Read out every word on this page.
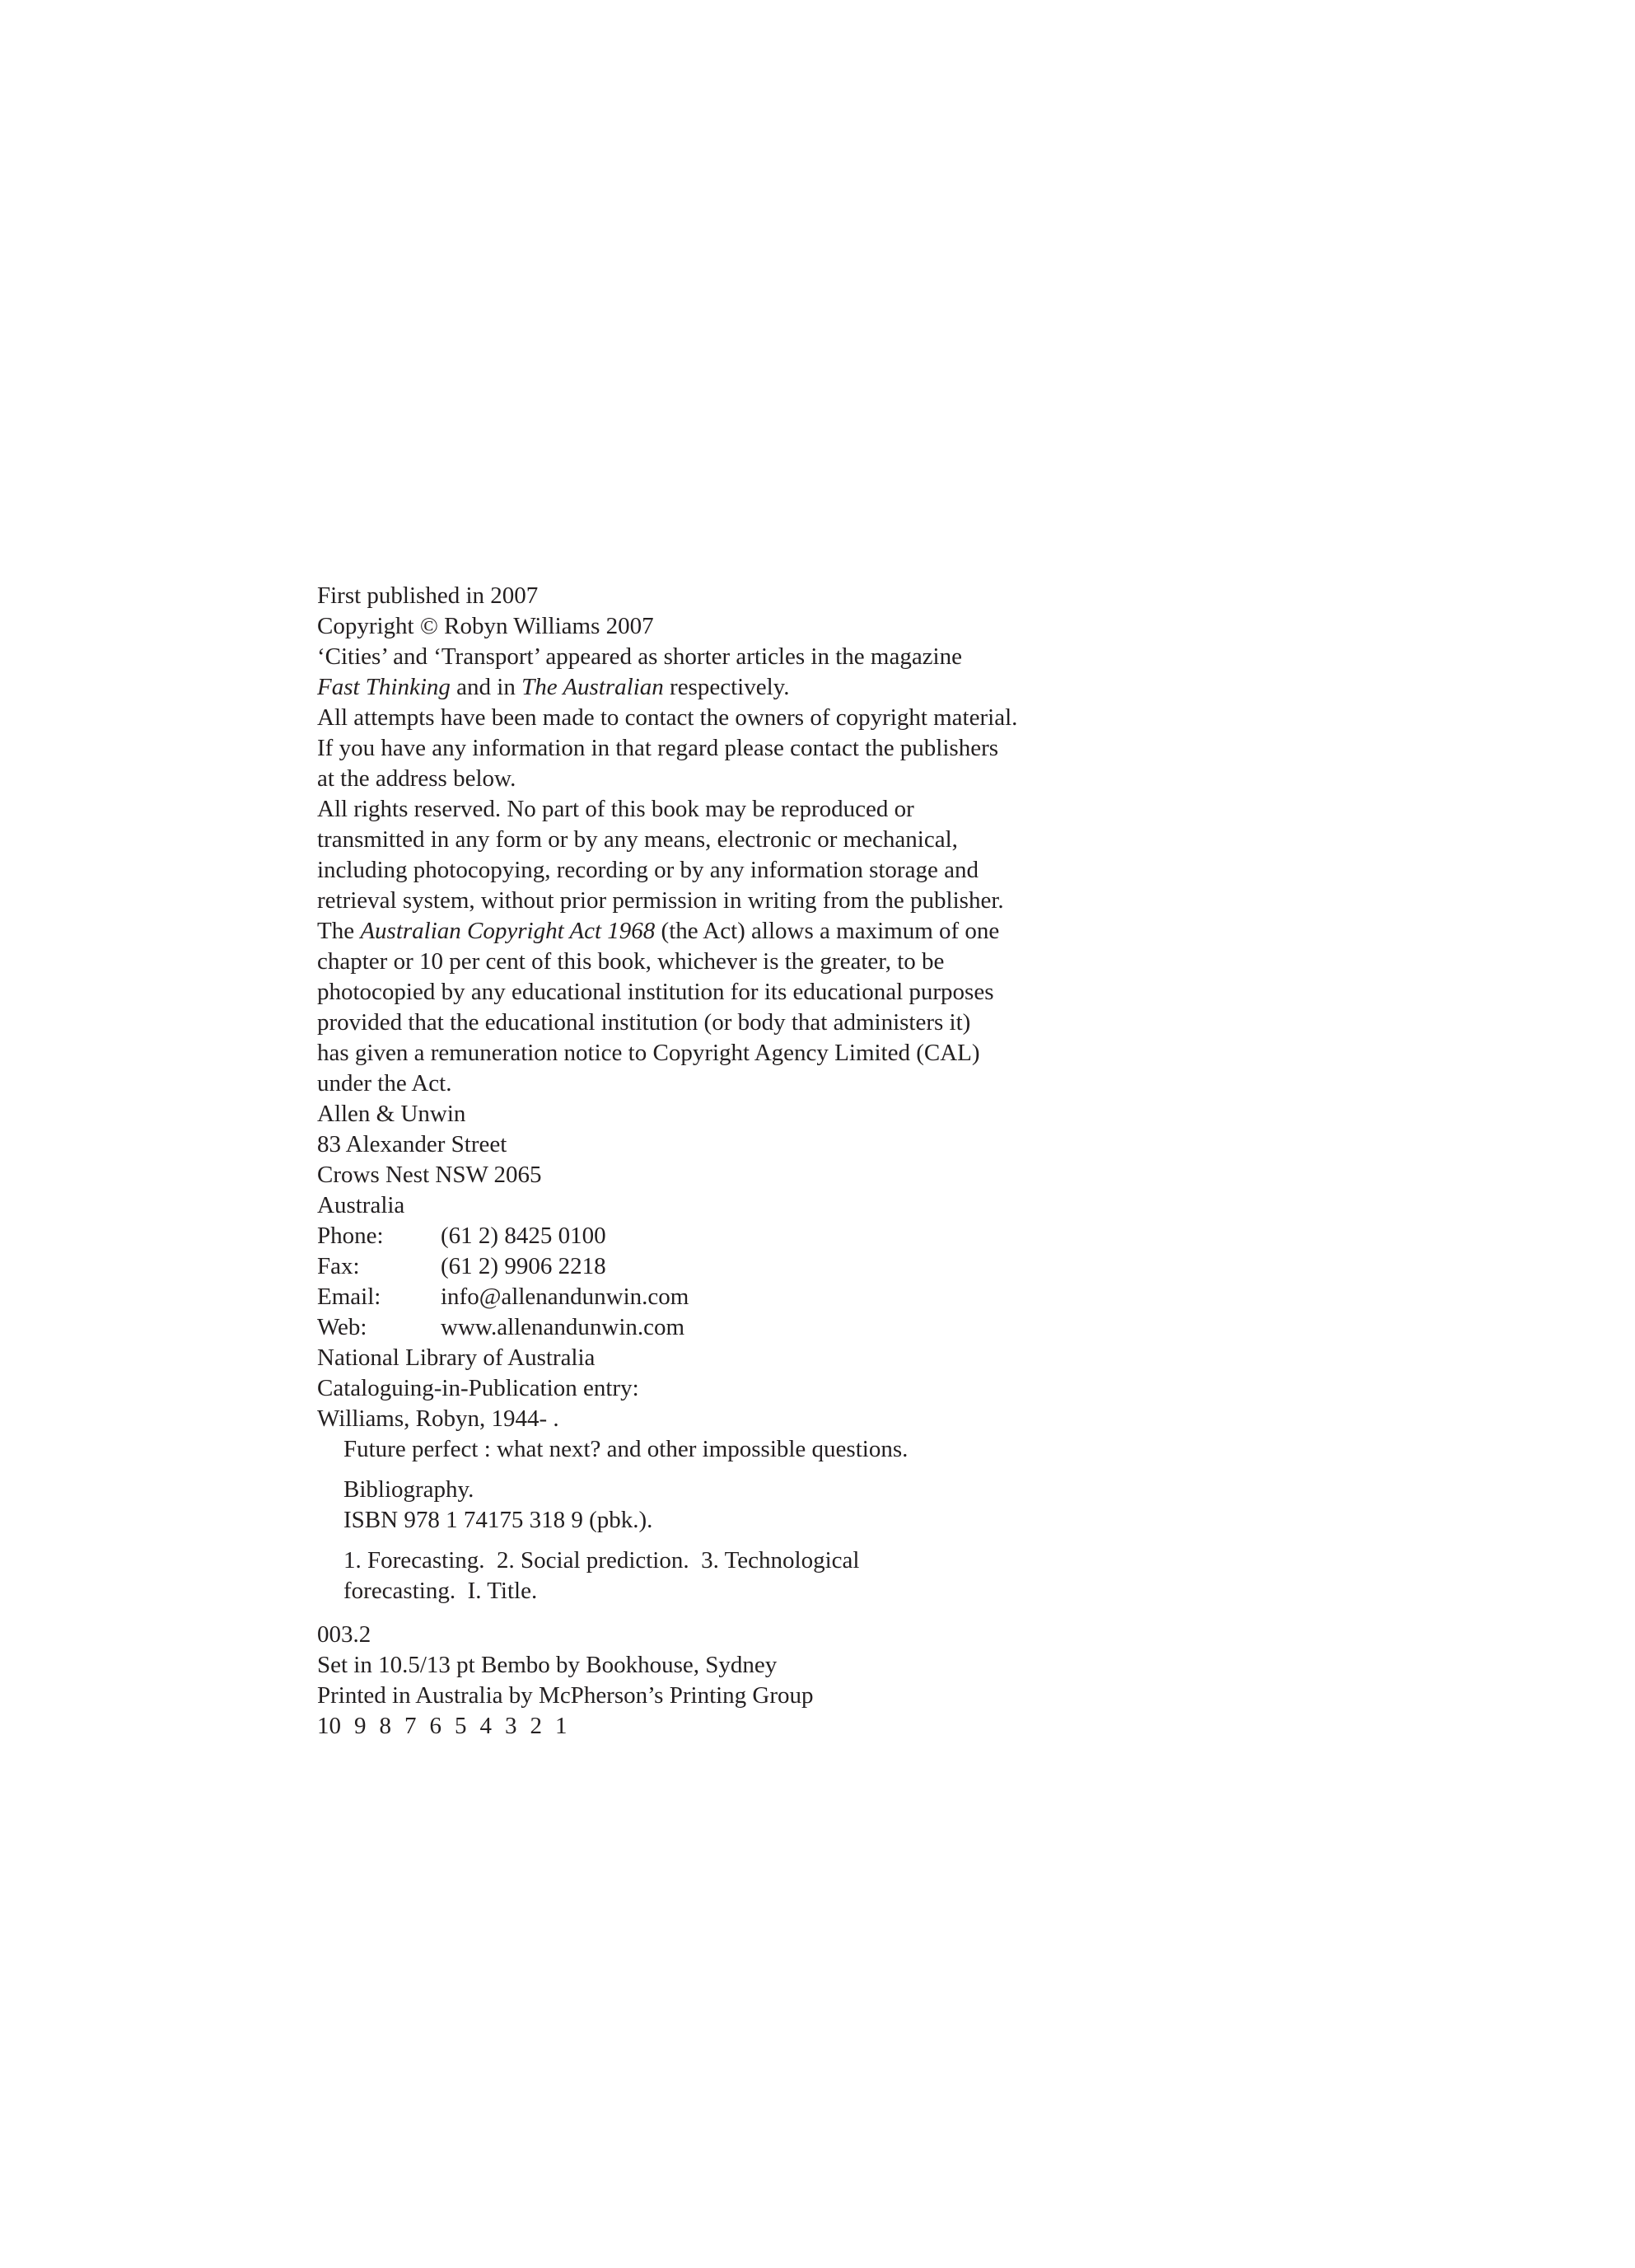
First published in 2007

Copyright © Robyn Williams 2007

‘Cities’ and ‘Transport’ appeared as shorter articles in the magazine
Fast Thinking and in The Australian respectively.

All attempts have been made to contact the owners of copyright material.
If you have any information in that regard please contact the publishers
at the address below.

All rights reserved. No part of this book may be reproduced or
transmitted in any form or by any means, electronic or mechanical,
including photocopying, recording or by any information storage and
retrieval system, without prior permission in writing from the publisher.
The Australian Copyright Act 1968 (the Act) allows a maximum of one
chapter or 10 per cent of this book, whichever is the greater, to be
photocopied by any educational institution for its educational purposes
provided that the educational institution (or body that administers it)
has given a remuneration notice to Copyright Agency Limited (CAL)
under the Act.

Allen & Unwin
83 Alexander Street
Crows Nest NSW 2065
Australia
Phone: (61 2) 8425 0100
Fax:	(61 2) 9906 2218
Email:	info@allenandunwin.com
Web:	www.allenandunwin.com

National Library of Australia
Cataloguing-in-Publication entry:

Williams, Robyn, 1944- .
Future perfect : what next? and other impossible questions.
Bibliography.
ISBN 978 1 74175 318 9 (pbk.).
1. Forecasting.  2. Social prediction.  3. Technological
forecasting.  I. Title.

003.2

Set in 10.5/13 pt Bembo by Bookhouse, Sydney
Printed in Australia by McPherson’s Printing Group

10 9 8 7 6 5 4 3 2 1
